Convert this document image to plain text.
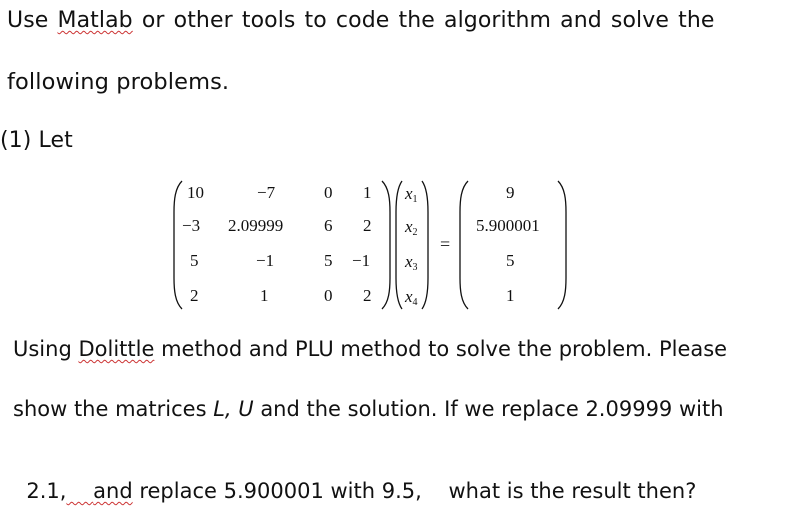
Use Matlab or other tools to code the algorithm and solve the
following problems.
(1) Let
10	−7	0 1
−3 2.09999 6 2
5	−1	5 −1
2	1	0 2
$x_1$
$x_2$
$x_3$
$x_4$
=
9
5.900001
5
1
Using Dolittle method and PLU method to solve the problem. Please
show the matrices L, U and the solution. If we replace 2.09999 with

2.1, and replace 5.900001 with 9.5,    what is the result then?
